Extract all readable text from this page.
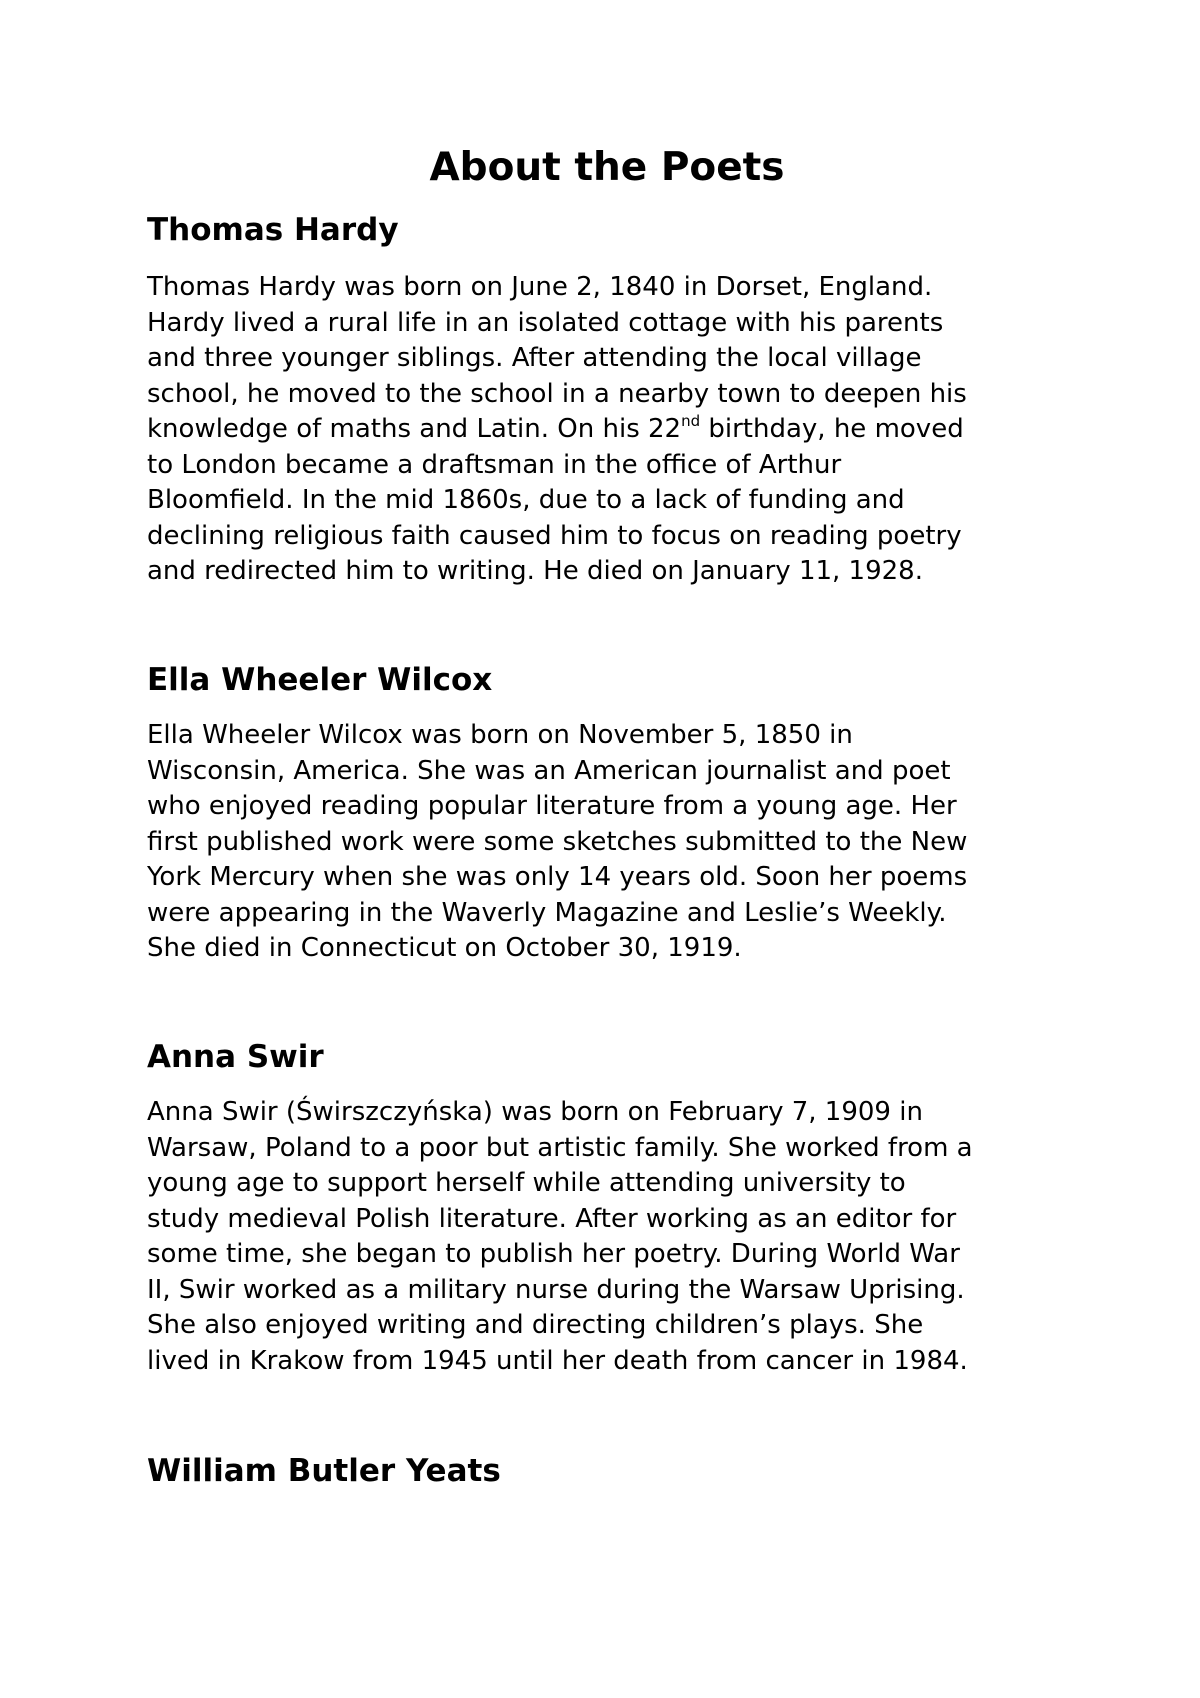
About the Poets
Thomas Hardy
Thomas Hardy was born on June 2, 1840 in Dorset, England.
Hardy lived a rural life in an isolated cottage with his parents
and three younger siblings. After attending the local village
school, he moved to the school in a nearby town to deepen his
knowledge of maths and Latin. On his 22nd birthday, he moved
to London became a draftsman in the office of Arthur
Bloomfield. In the mid 1860s, due to a lack of funding and
declining religious faith caused him to focus on reading poetry
and redirected him to writing. He died on January 11, 1928.
Ella Wheeler Wilcox
Ella Wheeler Wilcox was born on November 5, 1850 in
Wisconsin, America. She was an American journalist and poet
who enjoyed reading popular literature from a young age. Her
first published work were some sketches submitted to the New
York Mercury when she was only 14 years old. Soon her poems
were appearing in the Waverly Magazine and Leslie’s Weekly.
She died in Connecticut on October 30, 1919.
Anna Swir
Anna Swir (Świrszczyńska) was born on February 7, 1909 in
Warsaw, Poland to a poor but artistic family. She worked from a
young age to support herself while attending university to
study medieval Polish literature. After working as an editor for
some time, she began to publish her poetry. During World War
II, Swir worked as a military nurse during the Warsaw Uprising.
She also enjoyed writing and directing children’s plays. She
lived in Krakow from 1945 until her death from cancer in 1984.
William Butler Yeats
